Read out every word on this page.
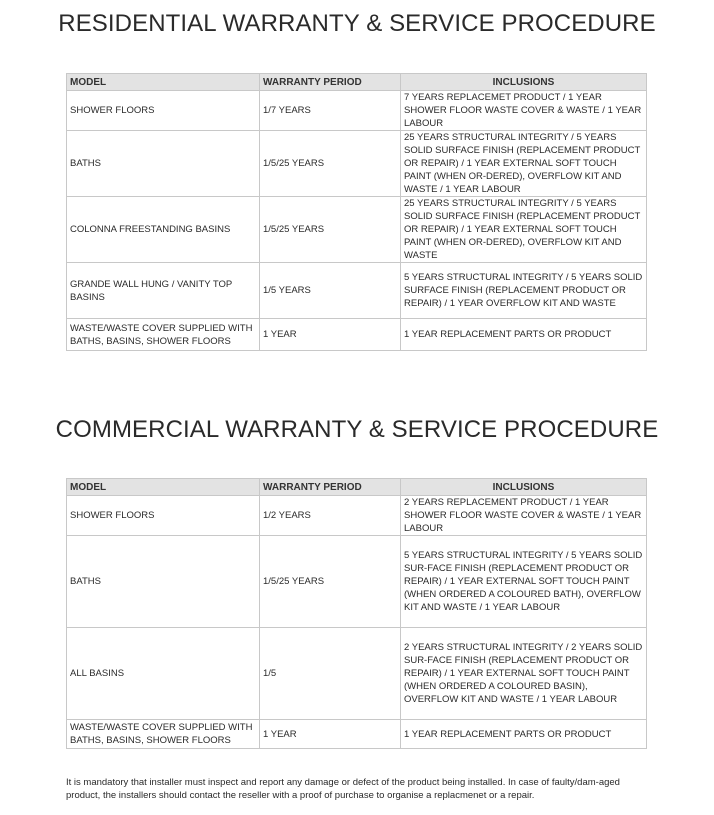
RESIDENTIAL WARRANTY & SERVICE PROCEDURE
MODEL	WARRANTY PERIOD	INCLUSIONS
SHOWER FLOORS	1/7 YEARS	7 YEARS REPLACEMET PRODUCT / 1 YEAR SHOWER FLOOR WASTE COVER & WASTE / 1 YEAR LABOUR
BATHS	1/5/25 YEARS	25 YEARS STRUCTURAL INTEGRITY / 5 YEARS SOLID SURFACE FINISH (REPLACEMENT PRODUCT OR REPAIR) / 1 YEAR EXTERNAL SOFT TOUCH PAINT (WHEN OR-DERED), OVERFLOW KIT AND WASTE / 1 YEAR LABOUR
COLONNA FREESTANDING BASINS	1/5/25 YEARS	25 YEARS STRUCTURAL INTEGRITY / 5 YEARS SOLID SURFACE FINISH (REPLACEMENT PRODUCT OR REPAIR) / 1 YEAR EXTERNAL SOFT TOUCH PAINT (WHEN OR-DERED), OVERFLOW KIT AND WASTE
GRANDE WALL HUNG / VANITY TOP BASINS	1/5 YEARS	5 YEARS STRUCTURAL INTEGRITY / 5 YEARS SOLID SURFACE FINISH (REPLACEMENT PRODUCT OR REPAIR) / 1 YEAR OVERFLOW KIT AND WASTE
WASTE/WASTE COVER SUPPLIED WITH BATHS, BASINS, SHOWER FLOORS	1 YEAR	1 YEAR REPLACEMENT PARTS OR PRODUCT
COMMERCIAL WARRANTY & SERVICE PROCEDURE
MODEL	WARRANTY PERIOD	INCLUSIONS
SHOWER FLOORS	1/2 YEARS	2 YEARS REPLACEMENT PRODUCT / 1 YEAR SHOWER FLOOR WASTE COVER & WASTE / 1 YEAR LABOUR
BATHS	1/5/25 YEARS	5 YEARS STRUCTURAL INTEGRITY / 5 YEARS SOLID SUR-FACE FINISH (REPLACEMENT PRODUCT OR REPAIR) / 1 YEAR EXTERNAL SOFT TOUCH PAINT (WHEN ORDERED A COLOURED BATH), OVERFLOW KIT AND WASTE / 1 YEAR LABOUR
ALL BASINS	1/5	2 YEARS STRUCTURAL INTEGRITY / 2 YEARS SOLID SUR-FACE FINISH (REPLACEMENT PRODUCT OR REPAIR) / 1 YEAR EXTERNAL SOFT TOUCH PAINT (WHEN ORDERED A COLOURED BASIN), OVERFLOW KIT AND WASTE / 1 YEAR LABOUR
WASTE/WASTE COVER SUPPLIED WITH BATHS, BASINS, SHOWER FLOORS	1 YEAR	1 YEAR REPLACEMENT PARTS OR PRODUCT

It is mandatory that installer must inspect and report any damage or defect of the product being installed. In case of faulty/dam-aged product, the installers should contact the reseller with a proof of purchase to organise a replacmenet or a repair.
